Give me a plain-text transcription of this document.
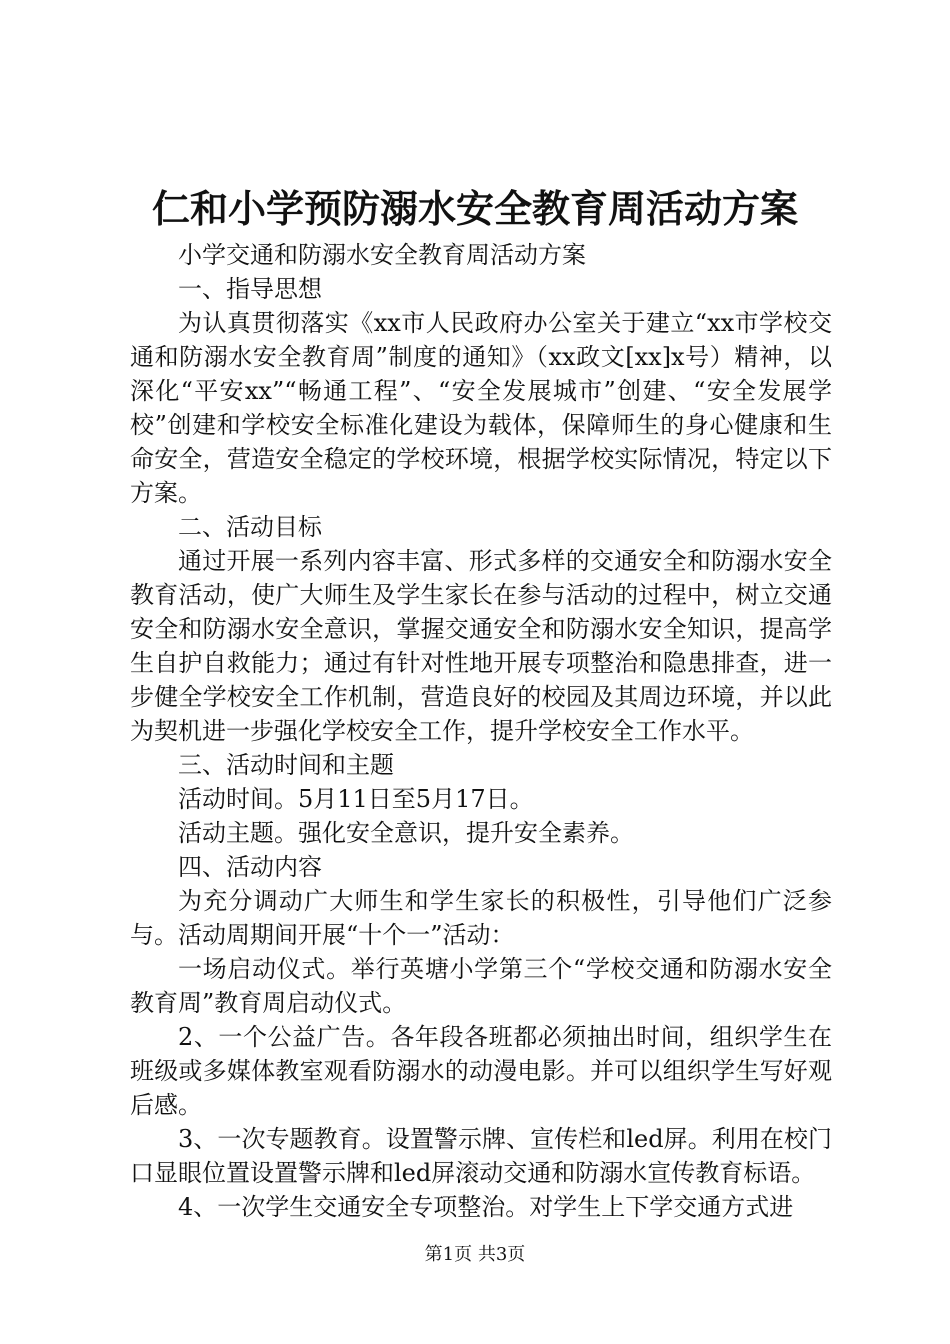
仁和小学预防溺水安全教育周活动方案

小学交通和防溺水安全教育周活动方案

一、指导思想

为认真贯彻落实《xx市人民政府办公室关于建立“xx市学校交通和防溺水安全教育周”制度的通知》（xx政文[xx]x号）精神，以深化“平安xx”“畅通工程”、“安全发展城市”创建、“安全发展学校”创建和学校安全标准化建设为载体，保障师生的身心健康和生命安全，营造安全稳定的学校环境，根据学校实际情况，特定以下方案。

二、活动目标

通过开展一系列内容丰富、形式多样的交通安全和防溺水安全教育活动，使广大师生及学生家长在参与活动的过程中，树立交通安全和防溺水安全意识，掌握交通安全和防溺水安全知识，提高学生自护自救能力；通过有针对性地开展专项整治和隐患排查，进一步健全学校安全工作机制，营造良好的校园及其周边环境，并以此为契机进一步强化学校安全工作，提升学校安全工作水平。

三、活动时间和主题

活动时间。5月11日至5月17日。

活动主题。强化安全意识，提升安全素养。

四、活动内容

为充分调动广大师生和学生家长的积极性，引导他们广泛参与。活动周期间开展“十个一”活动：

一场启动仪式。举行英塘小学第三个“学校交通和防溺水安全教育周”教育周启动仪式。

2、一个公益广告。各年段各班都必须抽出时间，组织学生在班级或多媒体教室观看防溺水的动漫电影。并可以组织学生写好观后感。

3、一次专题教育。设置警示牌、宣传栏和led屏。利用在校门口显眼位置设置警示牌和led屏滚动交通和防溺水宣传教育标语。

4、一次学生交通安全专项整治。对学生上下学交通方式进

第1页 共3页
